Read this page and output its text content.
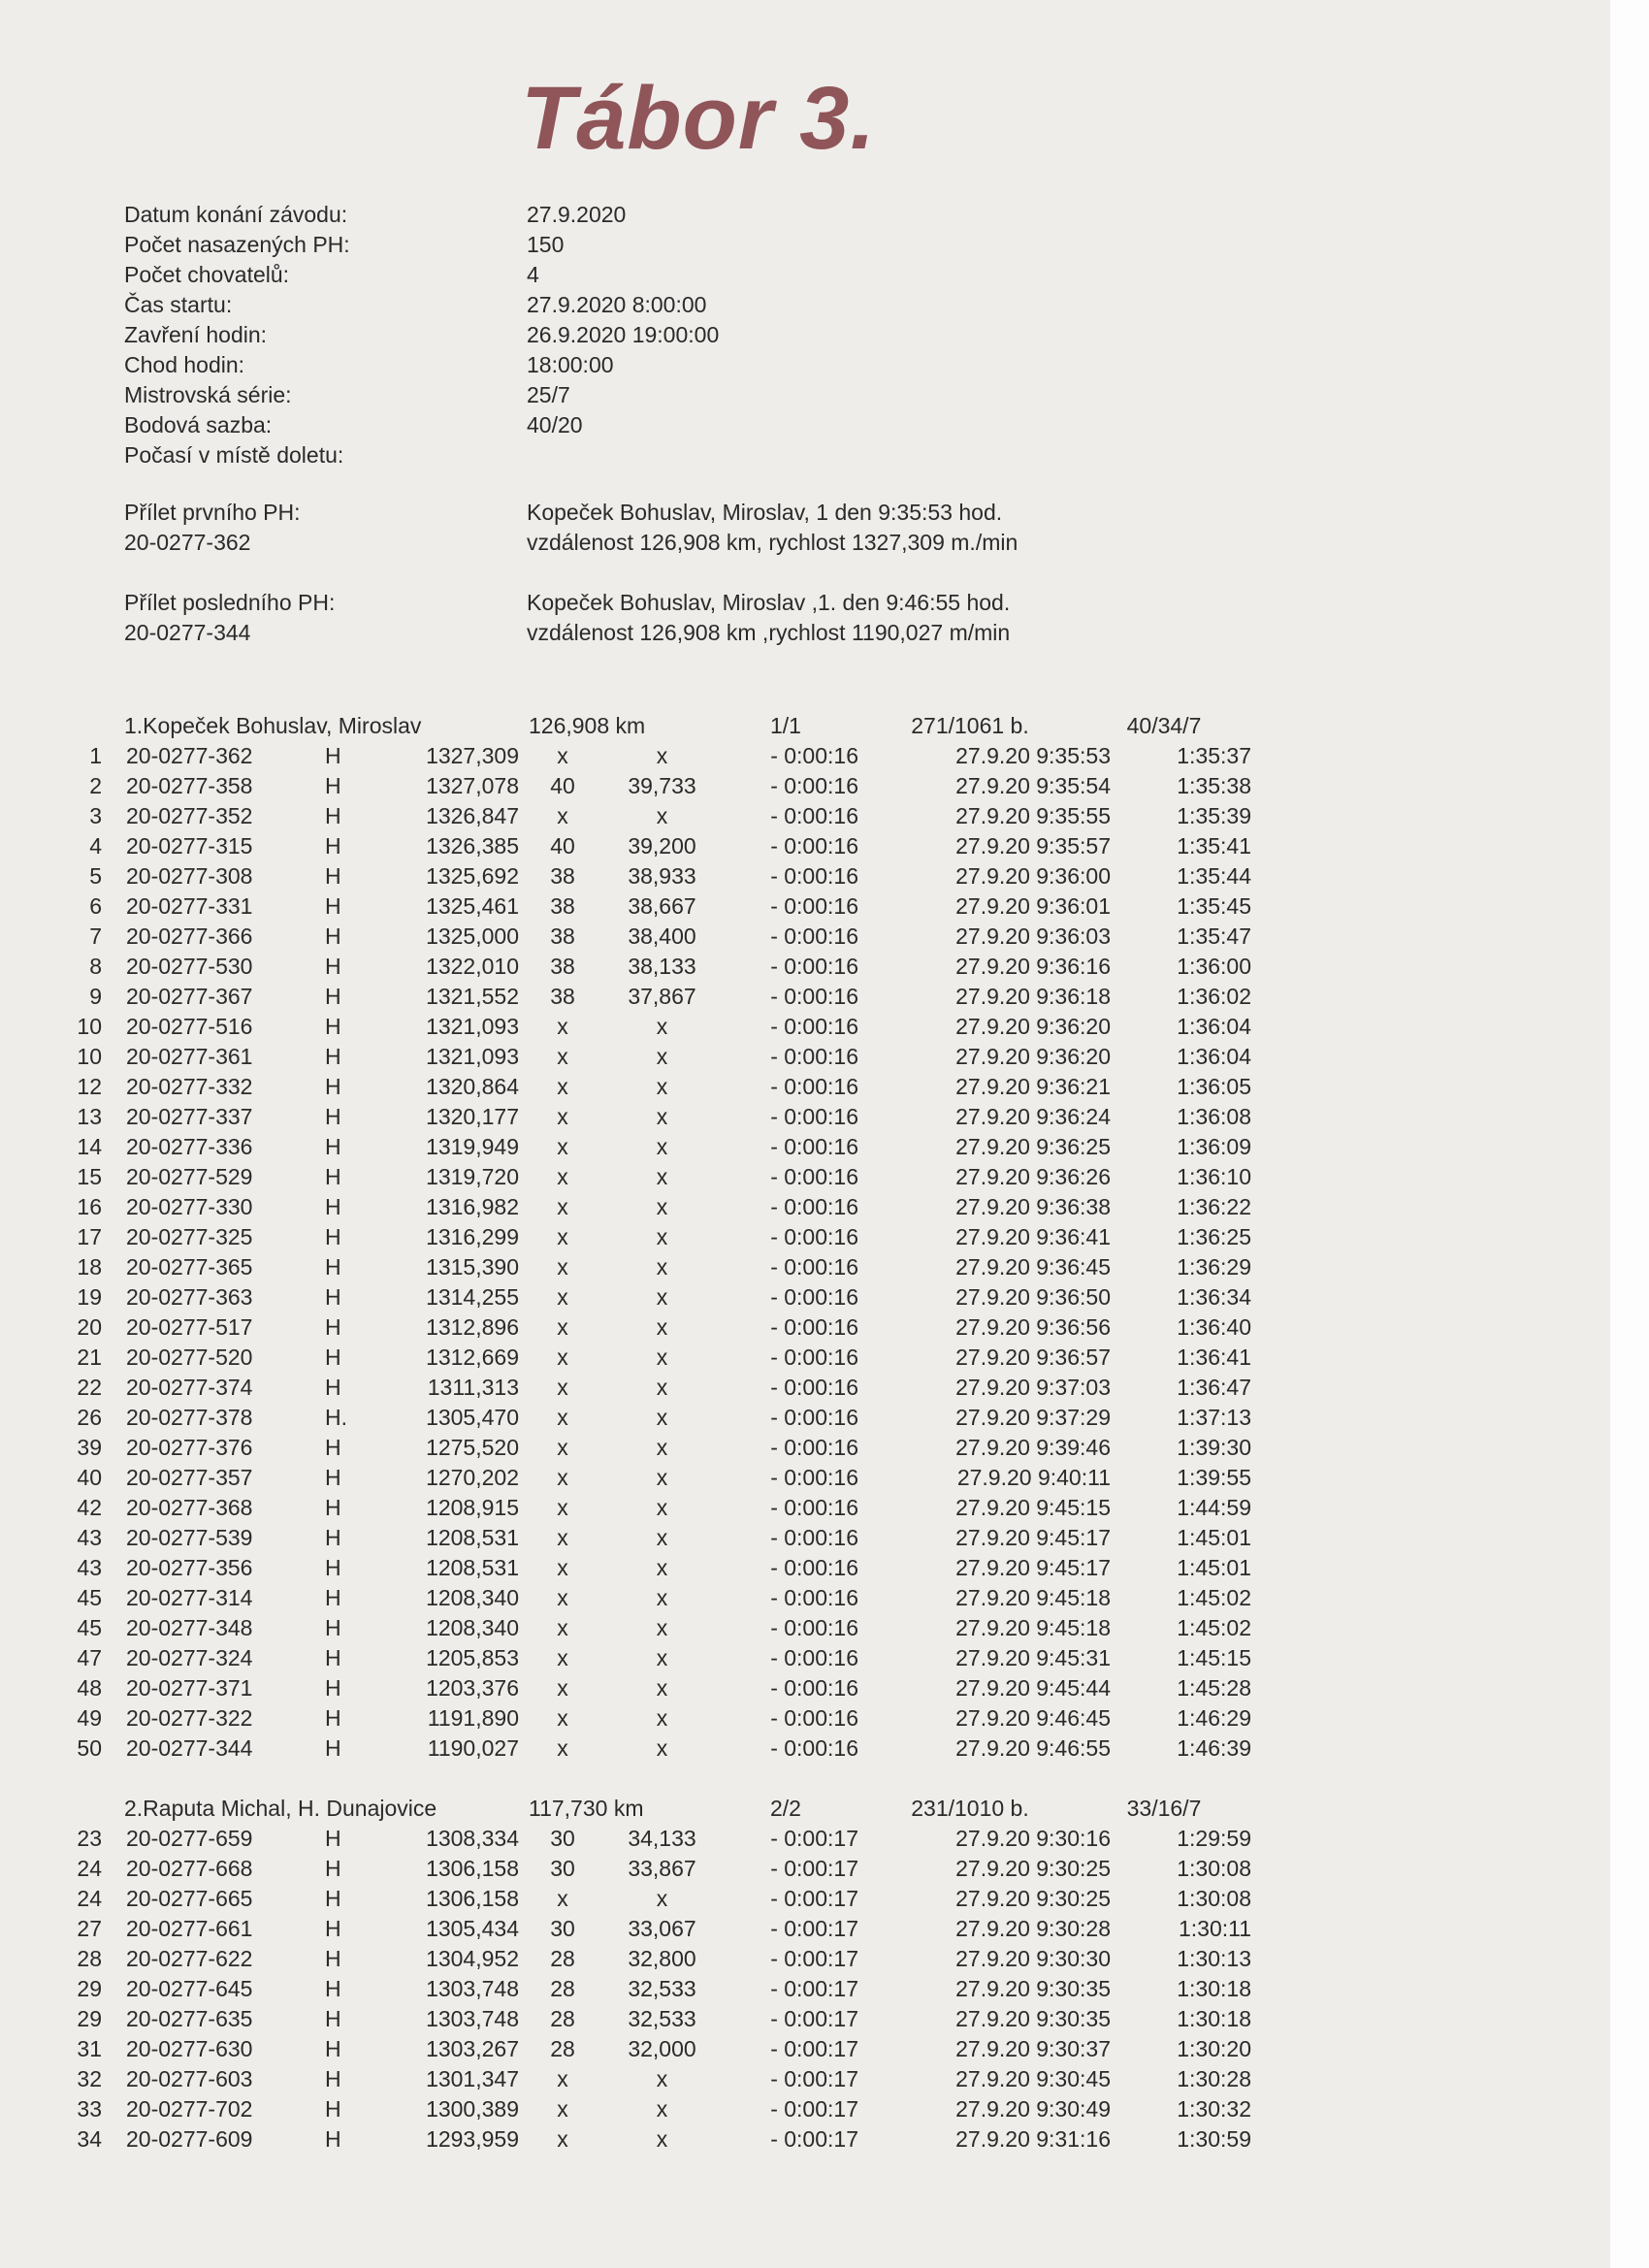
Tábor 3.
Datum konání závodu:	27.9.2020
Počet nasazených PH:	150
Počet chovatelů:	4
Čas startu:	27.9.2020 8:00:00
Zavření hodin:	26.9.2020 19:00:00
Chod hodin:	18:00:00
Mistrovská série:	25/7
Bodová sazba:	40/20
Počasí v místě doletu:
Přílet prvního PH:	Kopeček Bohuslav, Miroslav, 1 den 9:35:53 hod.
20-0277-362	vzdálenost 126,908 km, rychlost 1327,309 m./min
Přílet posledního PH:	Kopeček Bohuslav, Miroslav ,1. den 9:46:55 hod.
20-0277-344	vzdálenost 126,908 km ,rychlost 1190,027 m/min
1.Kopeček Bohuslav, Miroslav	126,908 km	1/1	271/1061 b.	40/34/7
1 20-0277-362	H	1327,309	x	x	- 0:00:16	27.9.20 9:35:53	1:35:37
2 20-0277-358	H	1327,078	40	39,733	- 0:00:16	27.9.20 9:35:54	1:35:38
3 20-0277-352	H	1326,847	x	x	- 0:00:16	27.9.20 9:35:55	1:35:39
4 20-0277-315	H	1326,385	40	39,200	- 0:00:16	27.9.20 9:35:57	1:35:41
5 20-0277-308	H	1325,692	38	38,933	- 0:00:16	27.9.20 9:36:00	1:35:44
6 20-0277-331	H	1325,461	38	38,667	- 0:00:16	27.9.20 9:36:01	1:35:45
7 20-0277-366	H	1325,000	38	38,400	- 0:00:16	27.9.20 9:36:03	1:35:47
8 20-0277-530	H	1322,010	38	38,133	- 0:00:16	27.9.20 9:36:16	1:36:00
9 20-0277-367	H	1321,552	38	37,867	- 0:00:16	27.9.20 9:36:18	1:36:02
10 20-0277-516	H	1321,093	x	x	- 0:00:16	27.9.20 9:36:20	1:36:04
10 20-0277-361	H	1321,093	x	x	- 0:00:16	27.9.20 9:36:20	1:36:04
12 20-0277-332	H	1320,864	x	x	- 0:00:16	27.9.20 9:36:21	1:36:05
13 20-0277-337	H	1320,177	x	x	- 0:00:16	27.9.20 9:36:24	1:36:08
14 20-0277-336	H	1319,949	x	x	- 0:00:16	27.9.20 9:36:25	1:36:09
15 20-0277-529	H	1319,720	x	x	- 0:00:16	27.9.20 9:36:26	1:36:10
16 20-0277-330	H	1316,982	x	x	- 0:00:16	27.9.20 9:36:38	1:36:22
17 20-0277-325	H	1316,299	x	x	- 0:00:16	27.9.20 9:36:41	1:36:25
18 20-0277-365	H	1315,390	x	x	- 0:00:16	27.9.20 9:36:45	1:36:29
19 20-0277-363	H	1314,255	x	x	- 0:00:16	27.9.20 9:36:50	1:36:34
20 20-0277-517	H	1312,896	x	x	- 0:00:16	27.9.20 9:36:56	1:36:40
21 20-0277-520	H	1312,669	x	x	- 0:00:16	27.9.20 9:36:57	1:36:41
22 20-0277-374	H	1311,313	x	x	- 0:00:16	27.9.20 9:37:03	1:36:47
26 20-0277-378	H.	1305,470	x	x	- 0:00:16	27.9.20 9:37:29	1:37:13
39 20-0277-376	H	1275,520	x	x	- 0:00:16	27.9.20 9:39:46	1:39:30
40 20-0277-357	H	1270,202	x	x	- 0:00:16	27.9.20 9:40:11	1:39:55
42 20-0277-368	H	1208,915	x	x	- 0:00:16	27.9.20 9:45:15	1:44:59
43 20-0277-539	H	1208,531	x	x	- 0:00:16	27.9.20 9:45:17	1:45:01
43 20-0277-356	H	1208,531	x	x	- 0:00:16	27.9.20 9:45:17	1:45:01
45 20-0277-314	H	1208,340	x	x	- 0:00:16	27.9.20 9:45:18	1:45:02
45 20-0277-348	H	1208,340	x	x	- 0:00:16	27.9.20 9:45:18	1:45:02
47 20-0277-324	H	1205,853	x	x	- 0:00:16	27.9.20 9:45:31	1:45:15
48 20-0277-371	H	1203,376	x	x	- 0:00:16	27.9.20 9:45:44	1:45:28
49 20-0277-322	H	1191,890	x	x	- 0:00:16	27.9.20 9:46:45	1:46:29
50 20-0277-344	H	1190,027	x	x	- 0:00:16	27.9.20 9:46:55	1:46:39
2.Raputa Michal, H. Dunajovice	117,730 km	2/2	231/1010 b.	33/16/7
23 20-0277-659	H	1308,334	30	34,133	- 0:00:17	27.9.20 9:30:16	1:29:59
24 20-0277-668	H	1306,158	30	33,867	- 0:00:17	27.9.20 9:30:25	1:30:08
24 20-0277-665	H	1306,158	x	x	- 0:00:17	27.9.20 9:30:25	1:30:08
27 20-0277-661	H	1305,434	30	33,067	- 0:00:17	27.9.20 9:30:28	1:30:11
28 20-0277-622	H	1304,952	28	32,800	- 0:00:17	27.9.20 9:30:30	1:30:13
29 20-0277-645	H	1303,748	28	32,533	- 0:00:17	27.9.20 9:30:35	1:30:18
29 20-0277-635	H	1303,748	28	32,533	- 0:00:17	27.9.20 9:30:35	1:30:18
31 20-0277-630	H	1303,267	28	32,000	- 0:00:17	27.9.20 9:30:37	1:30:20
32 20-0277-603	H	1301,347	x	x	- 0:00:17	27.9.20 9:30:45	1:30:28
33 20-0277-702	H	1300,389	x	x	- 0:00:17	27.9.20 9:30:49	1:30:32
34 20-0277-609	H	1293,959	x	x	- 0:00:17	27.9.20 9:31:16	1:30:59
